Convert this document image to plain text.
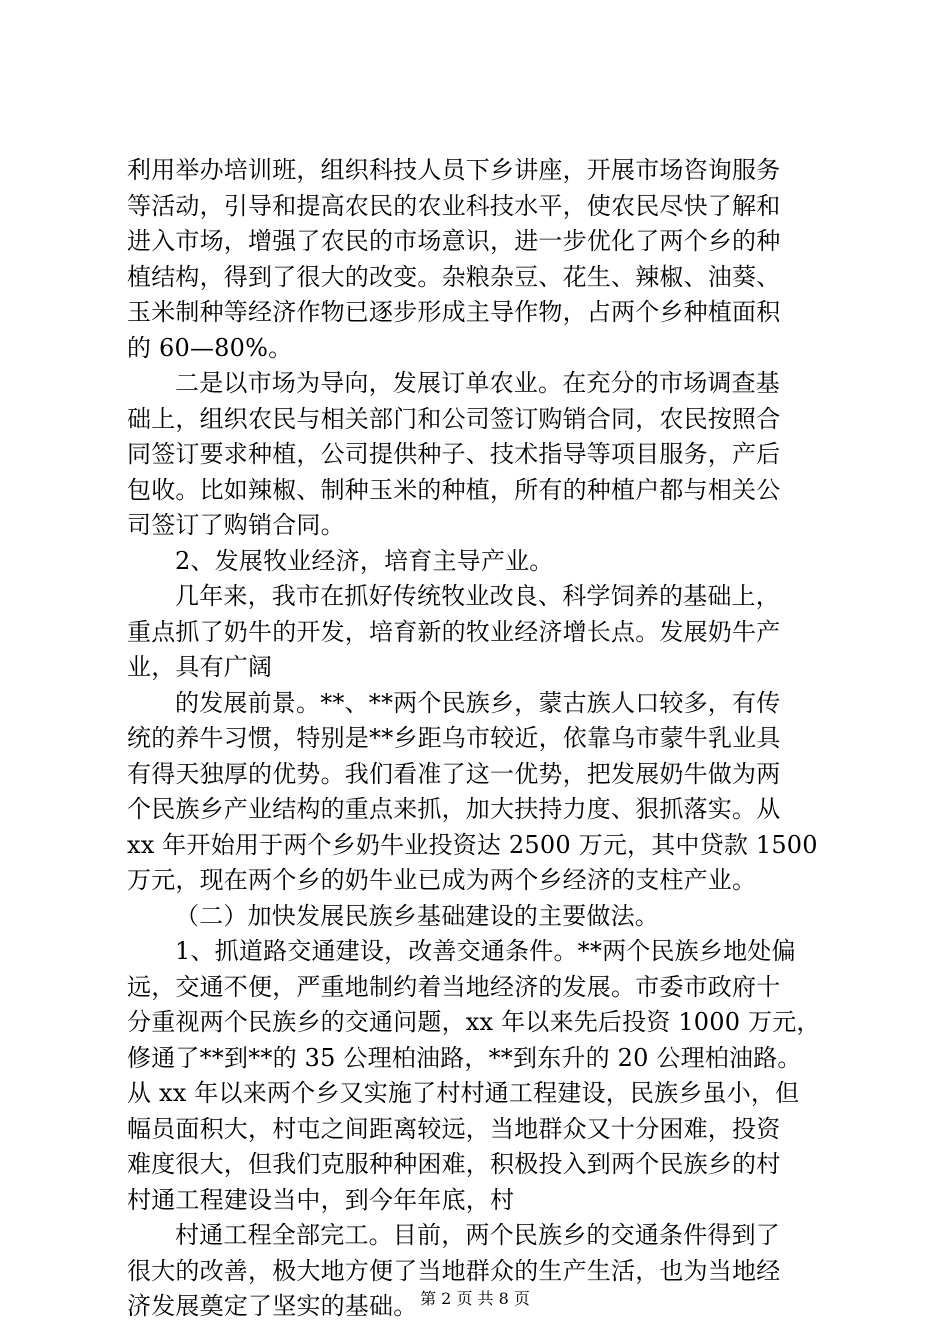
利用举办培训班，组织科技人员下乡讲座，开展市场咨询服务
等活动，引导和提高农民的农业科技水平，使农民尽快了解和
进入市场，增强了农民的市场意识，进一步优化了两个乡的种
植结构，得到了很大的改变。杂粮杂豆、花生、辣椒、油葵、
玉米制种等经济作物已逐步形成主导作物，占两个乡种植面积
的 60—80%。
二是以市场为导向，发展订单农业。在充分的市场调查基
础上，组织农民与相关部门和公司签订购销合同，农民按照合
同签订要求种植，公司提供种子、技术指导等项目服务，产后
包收。比如辣椒、制种玉米的种植，所有的种植户都与相关公
司签订了购销合同。
2、发展牧业经济，培育主导产业。
几年来，我市在抓好传统牧业改良、科学饲养的基础上，
重点抓了奶牛的开发，培育新的牧业经济增长点。发展奶牛产
业，具有广阔
的发展前景。**、**两个民族乡，蒙古族人口较多，有传
统的养牛习惯，特别是**乡距乌市较近，依靠乌市蒙牛乳业具
有得天独厚的优势。我们看准了这一优势，把发展奶牛做为两
个民族乡产业结构的重点来抓，加大扶持力度、狠抓落实。从
xx 年开始用于两个乡奶牛业投资达 2500 万元，其中贷款 1500
万元，现在两个乡的奶牛业已成为两个乡经济的支柱产业。
（二）加快发展民族乡基础建设的主要做法。
1、抓道路交通建设，改善交通条件。**两个民族乡地处偏
远，交通不便，严重地制约着当地经济的发展。市委市政府十
分重视两个民族乡的交通问题，xx 年以来先后投资 1000 万元，
修通了**到**的 35 公理柏油路，**到东升的 20 公理柏油路。
从 xx 年以来两个乡又实施了村村通工程建设，民族乡虽小，但
幅员面积大，村屯之间距离较远，当地群众又十分困难，投资
难度很大，但我们克服种种困难，积极投入到两个民族乡的村
村通工程建设当中，到今年年底，村
村通工程全部完工。目前，两个民族乡的交通条件得到了
很大的改善，极大地方便了当地群众的生产生活，也为当地经
济发展奠定了坚实的基础。 第 2 页 共 8 页
